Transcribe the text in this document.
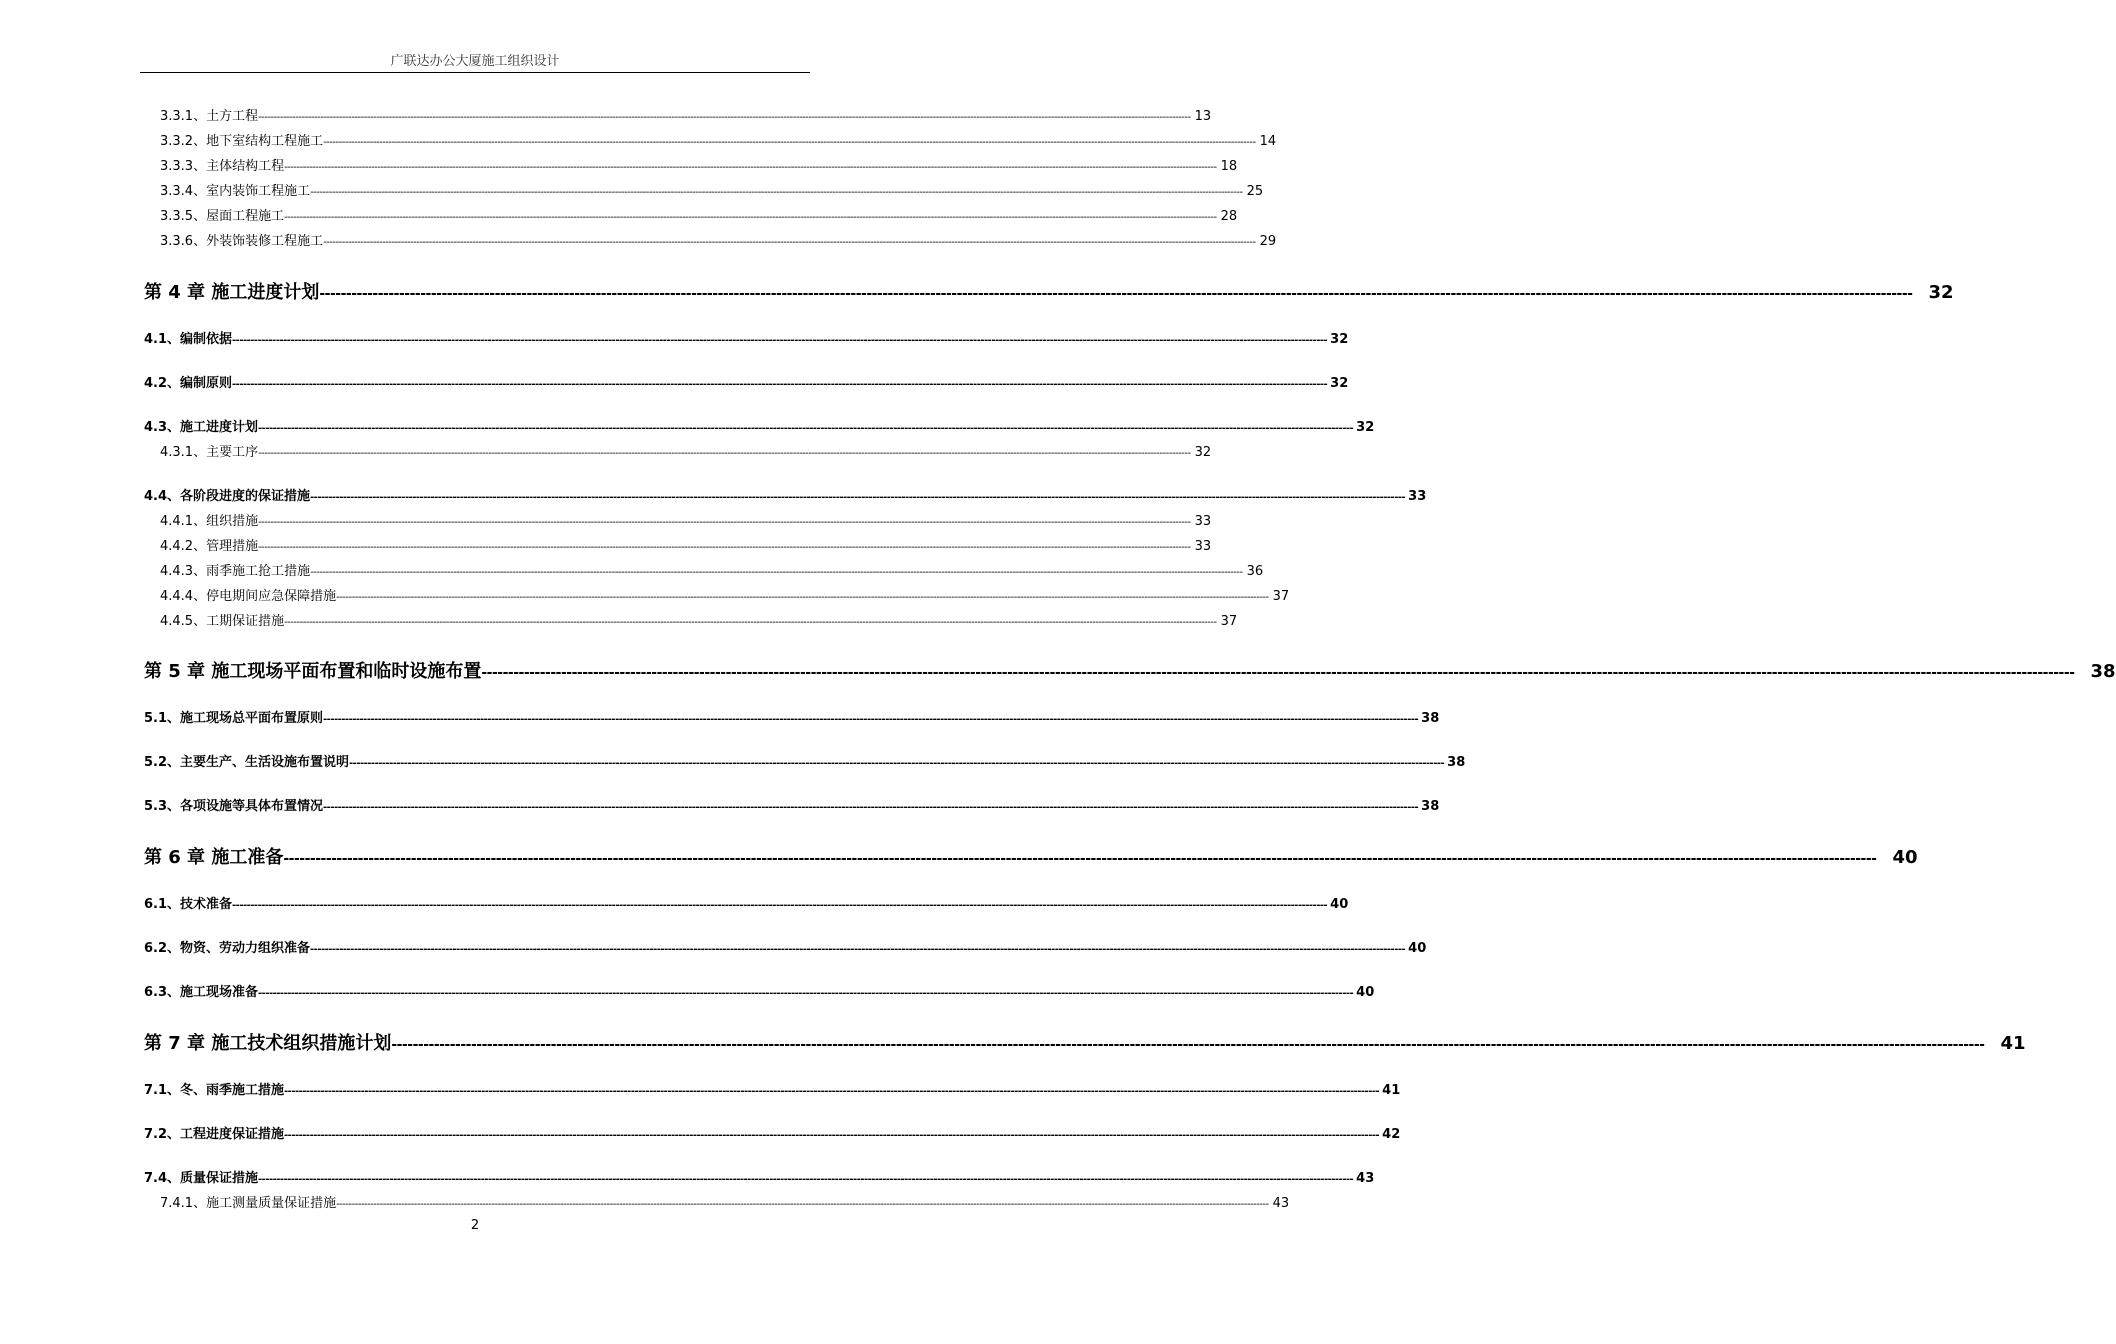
广联达办公大厦施工组织设计
3.3.1、土方工程 ------------------------------------------------------------------------------------------------------------------------------------------------------------------------------------------------------------------------------------------------------------------------------------------------------------ 13
3.3.2、地下室结构工程施工 ------------------------------------------------------------------------------------------------------------------------------------------------------------------------------------------------------------------------------------------------------------------------------------------------------------ 14
3.3.3、主体结构工程 ------------------------------------------------------------------------------------------------------------------------------------------------------------------------------------------------------------------------------------------------------------------------------------------------------------ 18
3.3.4、室内装饰工程施工 ------------------------------------------------------------------------------------------------------------------------------------------------------------------------------------------------------------------------------------------------------------------------------------------------------------ 25
3.3.5、屋面工程施工 ------------------------------------------------------------------------------------------------------------------------------------------------------------------------------------------------------------------------------------------------------------------------------------------------------------ 28
3.3.6、外装饰装修工程施工 ------------------------------------------------------------------------------------------------------------------------------------------------------------------------------------------------------------------------------------------------------------------------------------------------------------ 29
第 4 章 施工进度计划 ------------------------------------------------------------------------------------------------------------------------------------------------------------------------------------------------------------------------------------------------------------------------------------------------------------ 32
4.1、编制依据 ------------------------------------------------------------------------------------------------------------------------------------------------------------------------------------------------------------------------------------------------------------------------------------------------------------ 32
4.2、编制原则 ------------------------------------------------------------------------------------------------------------------------------------------------------------------------------------------------------------------------------------------------------------------------------------------------------------ 32
4.3、施工进度计划 ------------------------------------------------------------------------------------------------------------------------------------------------------------------------------------------------------------------------------------------------------------------------------------------------------------ 32
4.3.1、主要工序 ------------------------------------------------------------------------------------------------------------------------------------------------------------------------------------------------------------------------------------------------------------------------------------------------------------ 32
4.4、各阶段进度的保证措施 ------------------------------------------------------------------------------------------------------------------------------------------------------------------------------------------------------------------------------------------------------------------------------------------------------------ 33
4.4.1、组织措施 ------------------------------------------------------------------------------------------------------------------------------------------------------------------------------------------------------------------------------------------------------------------------------------------------------------ 33
4.4.2、管理措施 ------------------------------------------------------------------------------------------------------------------------------------------------------------------------------------------------------------------------------------------------------------------------------------------------------------ 33
4.4.3、雨季施工抢工措施 ------------------------------------------------------------------------------------------------------------------------------------------------------------------------------------------------------------------------------------------------------------------------------------------------------------ 36
4.4.4、停电期间应急保障措施 ------------------------------------------------------------------------------------------------------------------------------------------------------------------------------------------------------------------------------------------------------------------------------------------------------------ 37
4.4.5、工期保证措施 ------------------------------------------------------------------------------------------------------------------------------------------------------------------------------------------------------------------------------------------------------------------------------------------------------------ 37
第 5 章 施工现场平面布置和临时设施布置 ------------------------------------------------------------------------------------------------------------------------------------------------------------------------------------------------------------------------------------------------------------------------------------------------------------ 38
5.1、施工现场总平面布置原则 ------------------------------------------------------------------------------------------------------------------------------------------------------------------------------------------------------------------------------------------------------------------------------------------------------------ 38
5.2、主要生产、生活设施布置说明 ------------------------------------------------------------------------------------------------------------------------------------------------------------------------------------------------------------------------------------------------------------------------------------------------------------ 38
5.3、各项设施等具体布置情况 ------------------------------------------------------------------------------------------------------------------------------------------------------------------------------------------------------------------------------------------------------------------------------------------------------------ 38
第 6 章 施工准备 ------------------------------------------------------------------------------------------------------------------------------------------------------------------------------------------------------------------------------------------------------------------------------------------------------------ 40
6.1、技术准备 ------------------------------------------------------------------------------------------------------------------------------------------------------------------------------------------------------------------------------------------------------------------------------------------------------------ 40
6.2、物资、劳动力组织准备 ------------------------------------------------------------------------------------------------------------------------------------------------------------------------------------------------------------------------------------------------------------------------------------------------------------ 40
6.3、施工现场准备 ------------------------------------------------------------------------------------------------------------------------------------------------------------------------------------------------------------------------------------------------------------------------------------------------------------ 40
第 7 章 施工技术组织措施计划 ------------------------------------------------------------------------------------------------------------------------------------------------------------------------------------------------------------------------------------------------------------------------------------------------------------ 41
7.1、冬、雨季施工措施 ------------------------------------------------------------------------------------------------------------------------------------------------------------------------------------------------------------------------------------------------------------------------------------------------------------ 41
7.2、工程进度保证措施 ------------------------------------------------------------------------------------------------------------------------------------------------------------------------------------------------------------------------------------------------------------------------------------------------------------ 42
7.4、质量保证措施 ------------------------------------------------------------------------------------------------------------------------------------------------------------------------------------------------------------------------------------------------------------------------------------------------------------ 43
7.4.1、施工测量质量保证措施 ------------------------------------------------------------------------------------------------------------------------------------------------------------------------------------------------------------------------------------------------------------------------------------------------------------ 43
2
